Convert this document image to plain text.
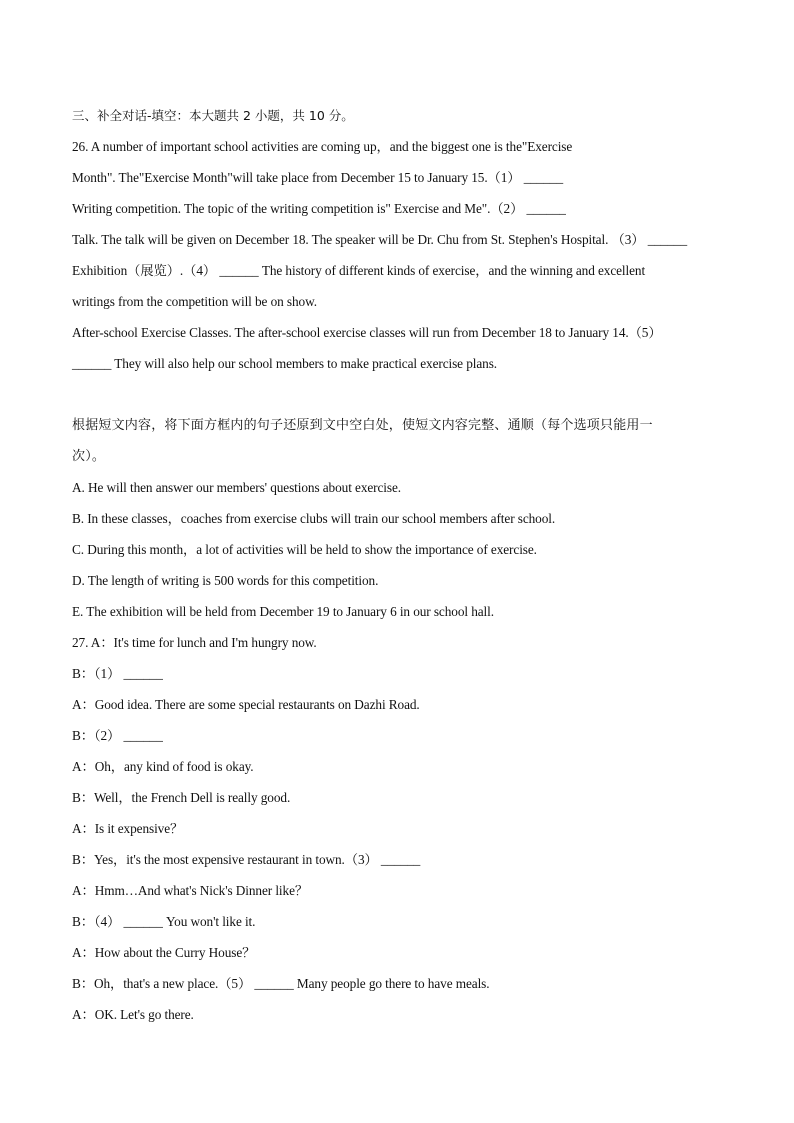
三、补全对话-填空：本大题共 2 小题，共 10 分。
26. A number of important school activities are coming up，and the biggest one is the"Exercise
Month". The"Exercise Month"will take place from December 15 to January 15.（1） ______
Writing competition. The topic of the writing competition is" Exercise and Me".（2） ______
Talk. The talk will be given on December 18. The speaker will be Dr. Chu from St. Stephen's Hospital. （3） ______
Exhibition（展览）.（4） ______ The history of different kinds of exercise，and the winning and excellent
writings from the competition will be on show.
After-school Exercise Classes. The after-school exercise classes will run from December 18 to January 14.（5）
______ They will also help our school members to make practical exercise plans.
根据短文内容，将下面方框内的句子还原到文中空白处，使短文内容完整、通顺（每个选项只能用一
次）。
A. He will then answer our members' questions about exercise.
B. In these classes，coaches from exercise clubs will train our school members after school.
C. During this month，a lot of activities will be held to show the importance of exercise.
D. The length of writing is 500 words for this competition.
E. The exhibition will be held from December 19 to January 6 in our school hall.
27. A：It's time for lunch and I'm hungry now.
B：（1） ______
A：Good idea. There are some special restaurants on Dazhi Road.
B：（2） ______
A：Oh，any kind of food is okay.
B：Well，the French Dell is really good.
A：Is it expensive？
B：Yes，it's the most expensive restaurant in town.（3） ______
A：Hmm…And what's Nick's Dinner like？
B：（4） ______ You won't like it.
A：How about the Curry House？
B：Oh，that's a new place.（5） ______ Many people go there to have meals.
A：OK. Let's go there.
